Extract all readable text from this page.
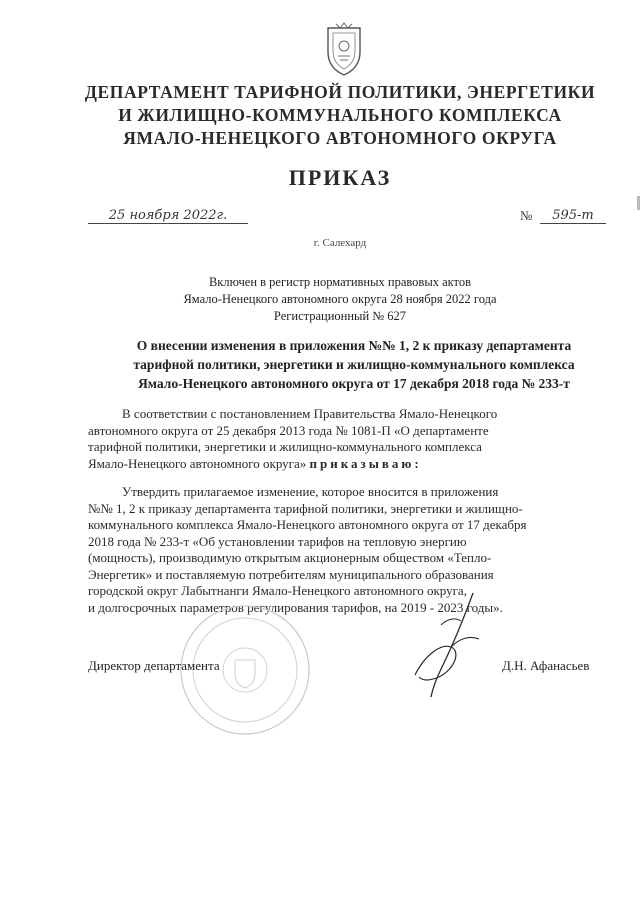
ДЕПАРТАМЕНТ ТАРИФНОЙ ПОЛИТИКИ, ЭНЕРГЕТИКИ
И ЖИЛИЩНО-КОММУНАЛЬНОГО КОМПЛЕКСА
ЯМАЛО-НЕНЕЦКОГО АВТОНОМНОГО ОКРУГА
ПРИКАЗ
25 ноября 2022г.	№	595-т
г. Салехард
Включен в регистр нормативных правовых актов
Ямало-Ненецкого автономного округа 28 ноября 2022 года
Регистрационный № 627
О внесении изменения в приложения №№ 1, 2 к приказу департамента
тарифной политики, энергетики и жилищно-коммунального комплекса
Ямало-Ненецкого автономного округа от 17 декабря 2018 года № 233-т
В соответствии с постановлением Правительства Ямало-Ненецкого
автономного округа от 25 декабря 2013 года № 1081-П «О департаменте
тарифной политики, энергетики и жилищно-коммунального комплекса
Ямало-Ненецкого автономного округа» приказываю:
Утвердить прилагаемое изменение, которое вносится в приложения
№№ 1, 2 к приказу департамента тарифной политики, энергетики и жилищно-
коммунального комплекса Ямало-Ненецкого автономного округа от 17 декабря
2018 года № 233-т «Об установлении тарифов на тепловую энергию
(мощность), производимую открытым акционерным обществом «Тепло-
Энергетик» и поставляемую потребителям муниципального образования
городской округ Лабытнанги Ямало-Ненецкого автономного округа,
и долгосрочных параметров регулирования тарифов, на 2019 - 2023 годы».
Директор департамента	Д.Н. Афанасьев
